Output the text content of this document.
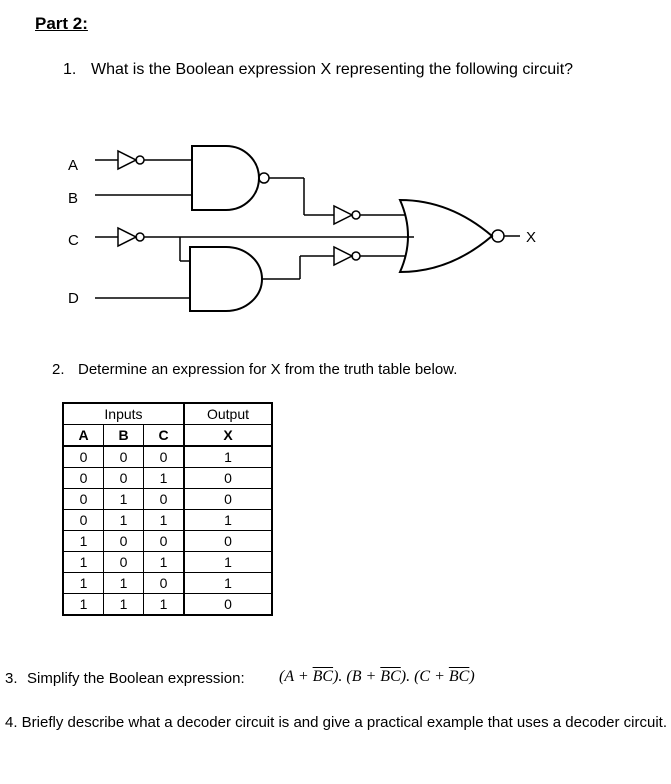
Part 2:
1. What is the Boolean expression X representing the following circuit?
A
B
C
D
X
2. Determine an expression for X from the truth table below.
Inputs			Output
A	B	C	X
0	0	0	1
0	0	1	0
0	1	0	0
0	1	1	1
1	0	0	0
1	0	1	1
1	1	0	1
1	1	1	0
3. Simplify the Boolean expression: $(A + \overline{BC})$. $(B + \overline{BC})$. $(C + \overline{BC})$
4. Briefly describe what a decoder circuit is and give a practical example that uses a decoder circuit.
